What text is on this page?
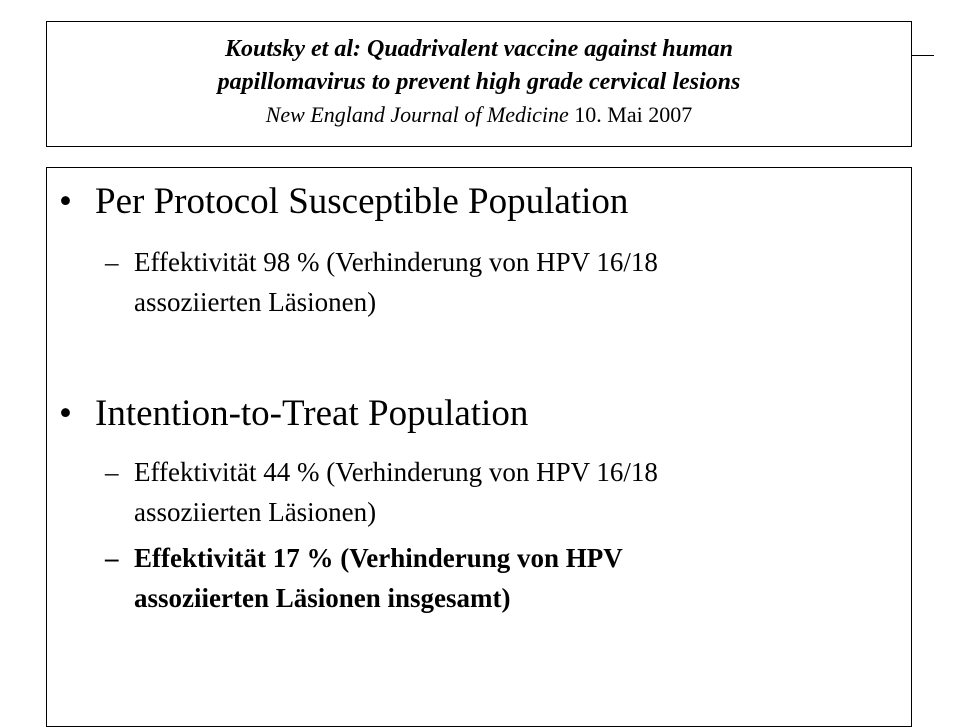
Koutsky et al: Quadrivalent vaccine against human
papillomavirus to prevent high grade cervical lesions
New England Journal of Medicine 10. Mai 2007
• Per Protocol Susceptible Population
– Effektivität 98 % (Verhinderung von HPV 16/18
assoziierten Läsionen)
• Intention-to-Treat Population
– Effektivität 44 % (Verhinderung von HPV 16/18
assoziierten Läsionen)
– Effektivität 17 % (Verhinderung von HPV
assoziierten Läsionen insgesamt)
